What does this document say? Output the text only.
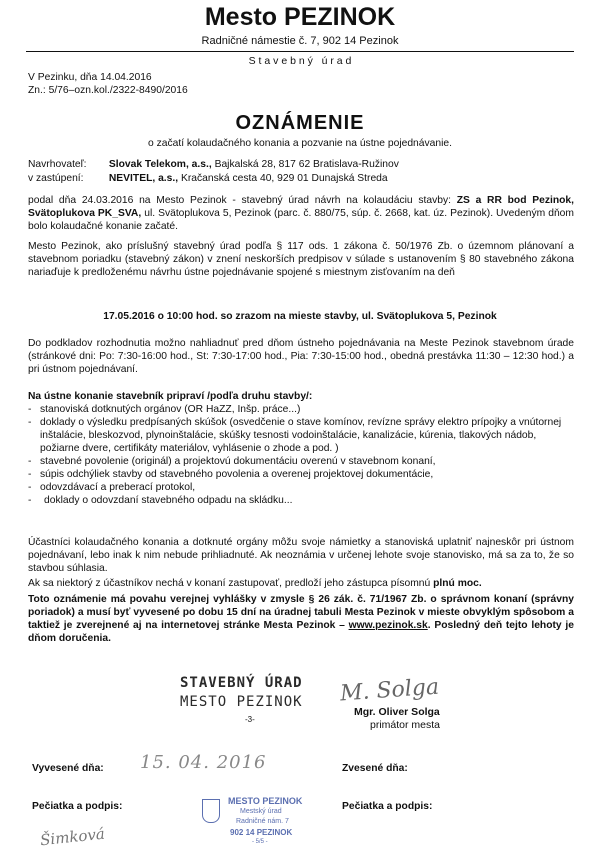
Mesto PEZINOK
Radničné námestie č. 7, 902 14 Pezinok
S t a v e b n ý   ú r a d
V Pezinku, dňa 14.04.2016
Zn.: 5/76–ozn.kol./2322-8490/2016
OZNÁMENIE
o začatí kolaudačného konania a pozvanie na ústne pojednávanie.
Navrhovateľ: Slovak Telekom, a.s., Bajkalská 28, 817 62 Bratislava-Ružinov
v zastúpení: NEVITEL, a.s., Kračanská cesta 40, 929 01 Dunajská Streda
podal dňa 24.03.2016 na Mesto Pezinok - stavebný úrad návrh na kolaudáciu stavby: ZS a RR bod Pezinok, Svätoplukova PK_SVA, ul. Svätoplukova 5, Pezinok (parc. č. 880/75, súp. č. 2668, kat. úz. Pezinok). Uvedeným dňom bolo kolaudačné konanie začaté.
Mesto Pezinok, ako príslušný stavebný úrad podľa § 117 ods. 1 zákona č. 50/1976 Zb. o územnom plánovaní a stavebnom poriadku (stavebný zákon) v znení neskorších predpisov v súlade s ustanovením § 80 stavebného zákona nariaďuje k predloženému návrhu ústne pojednávanie spojené s miestnym zisťovaním na deň
17.05.2016 o 10:00 hod. so zrazom na mieste stavby, ul. Svätoplukova 5, Pezinok
Do podkladov rozhodnutia možno nahliadnuť pred dňom ústneho pojednávania na Meste Pezinok stavebnom úrade (stránkové dni: Po: 7:30-16:00 hod., St: 7:30-17:00 hod., Pia: 7:30-15:00 hod., obedná prestávka 11:30 – 12:30 hod.) a pri ústnom pojednávaní.
Na ústne konanie stavebník pripraví /podľa druhu stavby/:
- stanoviská dotknutých orgánov (OR HaZZ, Inšp. práce...)
- doklady o výsledku predpísaných skúšok (osvedčenie o stave komínov, revízne správy elektro prípojky a vnútornej inštalácie, bleskozvod, plynoinštalácie, skúšky tesnosti vodoinštalácie, kanalizácie, kúrenia, tlakových nádob, požiarne dvere, certifikáty materiálov, vyhlásenie o zhode a pod. )
- stavebné povolenie (originál) a projektovú dokumentáciu overenú v stavebnom konaní,
- súpis odchýliek stavby od stavebného povolenia a overenej projektovej dokumentácie,
- odovzdávací a preberací protokol,
- doklady o odovzdaní stavebného odpadu na skládku...
Účastníci kolaudačného konania a dotknuté orgány môžu svoje námietky a stanoviská uplatniť najneskôr pri ústnom pojednávaní, lebo inak k nim nebude prihliadnuté. Ak neoznámia v určenej lehote svoje stanovisko, má sa za to, že so stavbou súhlasia.
Ak sa niektorý z účastníkov nechá v konaní zastupovať, predloží jeho zástupca písomnú plnú moc.
Toto oznámenie má povahu verejnej vyhlášky v zmysle § 26 zák. č. 71/1967 Zb. o správnom konaní (správny poriadok) a musí byť vyvesené po dobu 15 dní na úradnej tabuli Mesta Pezinok v mieste obvyklým spôsobom a taktiež je zverejnené aj na internetovej stránke Mesta Pezinok – www.pezinok.sk. Posledný deň tejto lehoty je dňom doručenia.
STAVEBNÝ ÚRAD
MESTO PEZINOK
-3-
M. Solga
Mgr. Oliver Solga
primátor mesta
Vyvesené dňa: 15. 04. 2016	Zvesené dňa:
Pečiatka a podpis:	Pečiatka a podpis:
MESTO PEZINOK
Mestský úrad
Radničné nám. 7
902 14 PEZINOK
- 5/5 -
Šimková
